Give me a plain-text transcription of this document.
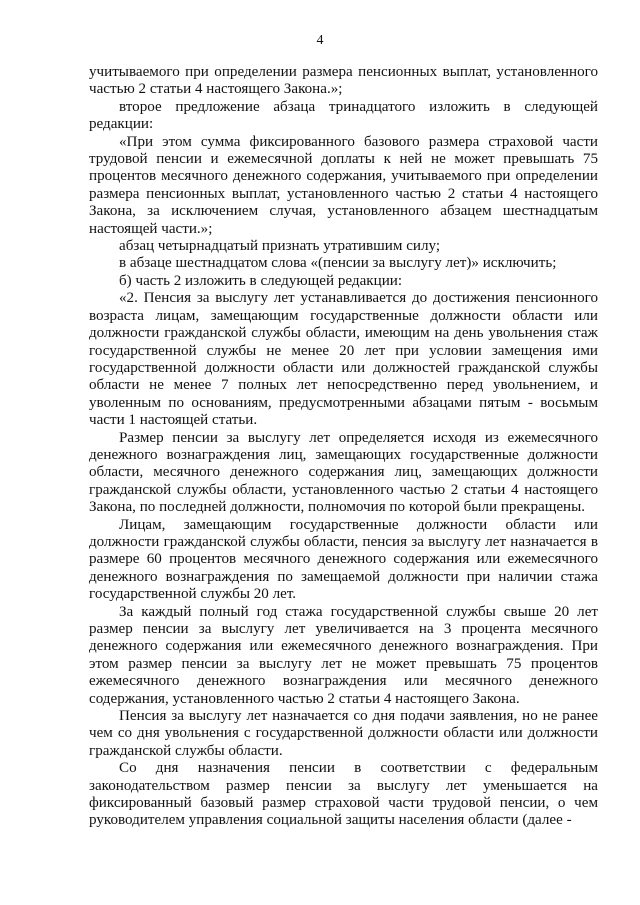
4

учитываемого при определении размера пенсионных выплат, установленного частью 2 статьи 4 настоящего Закона.»;

второе предложение абзаца тринадцатого изложить в следующей редакции:

«При этом сумма фиксированного базового размера страховой части трудовой пенсии и ежемесячной доплаты к ней не может превышать 75 процентов месячного денежного содержания, учитываемого при определении размера пенсионных выплат, установленного частью 2 статьи 4 настоящего Закона, за исключением случая, установленного абзацем шестнадцатым настоящей части.»;

абзац четырнадцатый признать утратившим силу;

в абзаце шестнадцатом слова «(пенсии за выслугу лет)» исключить;

б) часть 2 изложить в следующей редакции:

«2. Пенсия за выслугу лет устанавливается до достижения пенсионного возраста лицам, замещающим государственные должности области или должности гражданской службы области, имеющим на день увольнения стаж государственной службы не менее 20 лет при условии замещения ими государственной должности области или должностей гражданской службы области не менее 7 полных лет непосредственно перед увольнением, и уволенным по основаниям, предусмотренными абзацами пятым - восьмым части 1 настоящей статьи.

Размер пенсии за выслугу лет определяется исходя из ежемесячного денежного вознаграждения лиц, замещающих государственные должности области, месячного денежного содержания лиц, замещающих должности гражданской службы области, установленного частью 2 статьи 4 настоящего Закона, по последней должности, полномочия по которой были прекращены.

Лицам, замещающим государственные должности области или должности гражданской службы области, пенсия за выслугу лет назначается в размере 60 процентов месячного денежного содержания или ежемесячного денежного вознаграждения по замещаемой должности при наличии стажа государственной службы 20 лет.

За каждый полный год стажа государственной службы свыше 20 лет размер пенсии за выслугу лет увеличивается на 3 процента месячного денежного содержания или ежемесячного денежного вознаграждения. При этом размер пенсии за выслугу лет не может превышать 75 процентов ежемесячного денежного вознаграждения или месячного денежного содержания, установленного частью 2 статьи 4 настоящего Закона.

Пенсия за выслугу лет назначается со дня подачи заявления, но не ранее чем со дня увольнения с государственной должности области или должности гражданской службы области.

Со дня назначения пенсии в соответствии с федеральным законодательством размер пенсии за выслугу лет уменьшается на фиксированный базовый размер страховой части трудовой пенсии, о чем руководителем управления социальной защиты населения области (далее -
